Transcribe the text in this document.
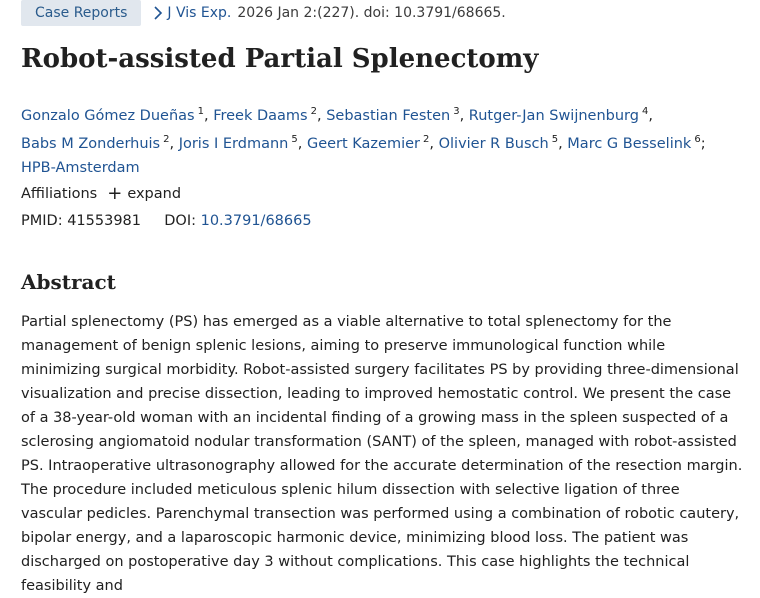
Case Reports	J Vis Exp. 2026 Jan 2:(227). doi: 10.3791/68665.
Robot-assisted Partial Splenectomy
Gonzalo Gómez Dueñas $^1$, Freek Daams $^2$, Sebastian Festen $^3$, Rutger-Jan Swijnenburg $^4$,
Babs M Zonderhuis $^2$, Joris I Erdmann $^5$, Geert Kazemier $^2$, Olivier R Busch $^5$, Marc G Besselink $^6$;
HPB-Amsterdam
Affiliations + expand
PMID: 41553981 DOI: 10.3791/68665
Abstract

Partial splenectomy (PS) has emerged as a viable alternative to total splenectomy for the management of benign splenic lesions, aiming to preserve immunological function while minimizing surgical morbidity. Robot-assisted surgery facilitates PS by providing three-dimensional visualization and precise dissection, leading to improved hemostatic control. We present the case of a 38-year-old woman with an incidental finding of a growing mass in the spleen suspected of a sclerosing angiomatoid nodular transformation (SANT) of the spleen, managed with robot-assisted PS. Intraoperative ultrasonography allowed for the accurate determination of the resection margin. The procedure included meticulous splenic hilum dissection with selective ligation of three vascular pedicles. Parenchymal transection was performed using a combination of robotic cautery, bipolar energy, and a laparoscopic harmonic device, minimizing blood loss. The patient was discharged on postoperative day 3 without complications. This case highlights the technical feasibility and
